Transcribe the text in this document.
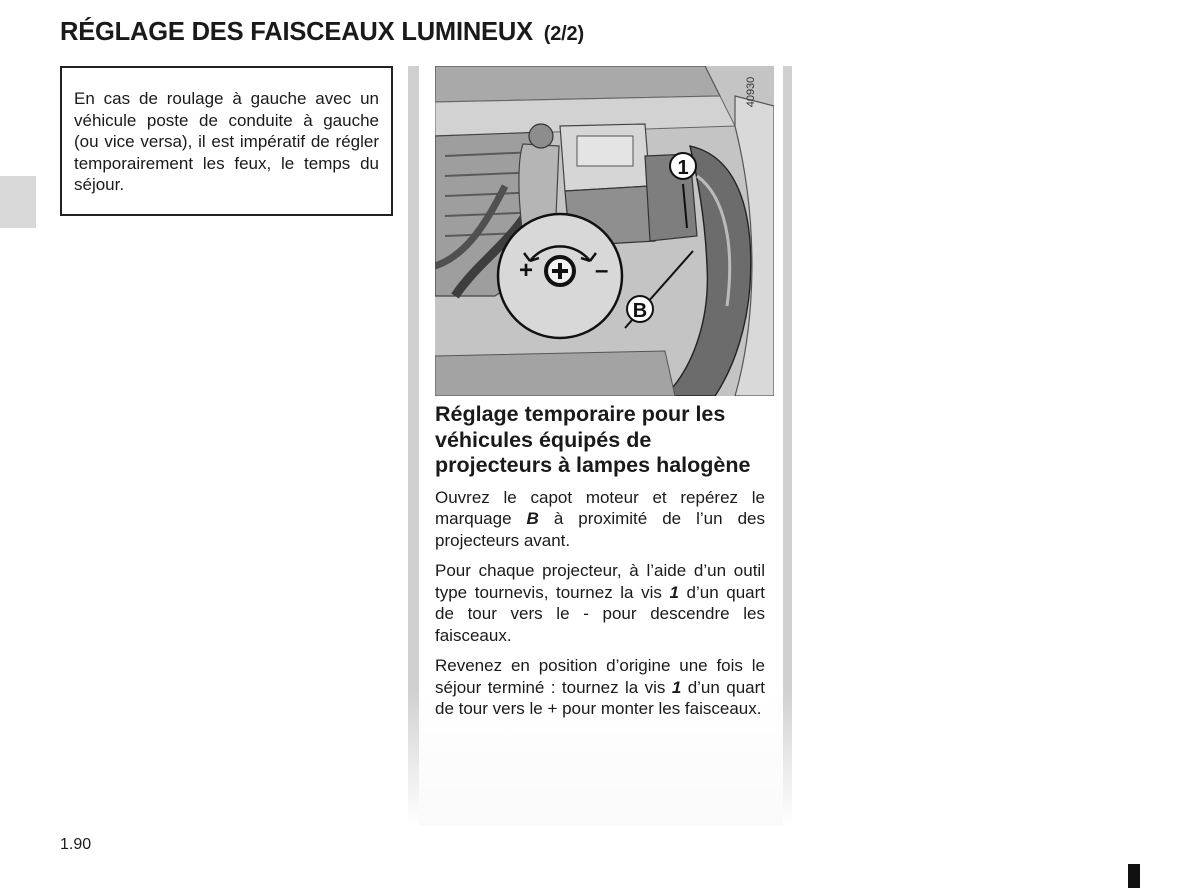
RÉGLAGE DES FAISCEAUX LUMINEUX (2/2)

En cas de roulage à gauche avec un véhicule poste de conduite à gauche (ou vice versa), il est impératif de régler temporairement les feux, le temps du séjour.

+	–
1
B
40930
Réglage temporaire pour les véhicules équipés de projecteurs à lampes halogène

Ouvrez le capot moteur et repérez le marquage B à proximité de l’un des projecteurs avant.

Pour chaque projecteur, à l’aide d’un outil type tournevis, tournez la vis 1 d’un quart de tour vers le - pour descendre les faisceaux.

Revenez en position d’origine une fois le séjour terminé : tournez la vis 1 d’un quart de tour vers le + pour monter les faisceaux.

1.90
